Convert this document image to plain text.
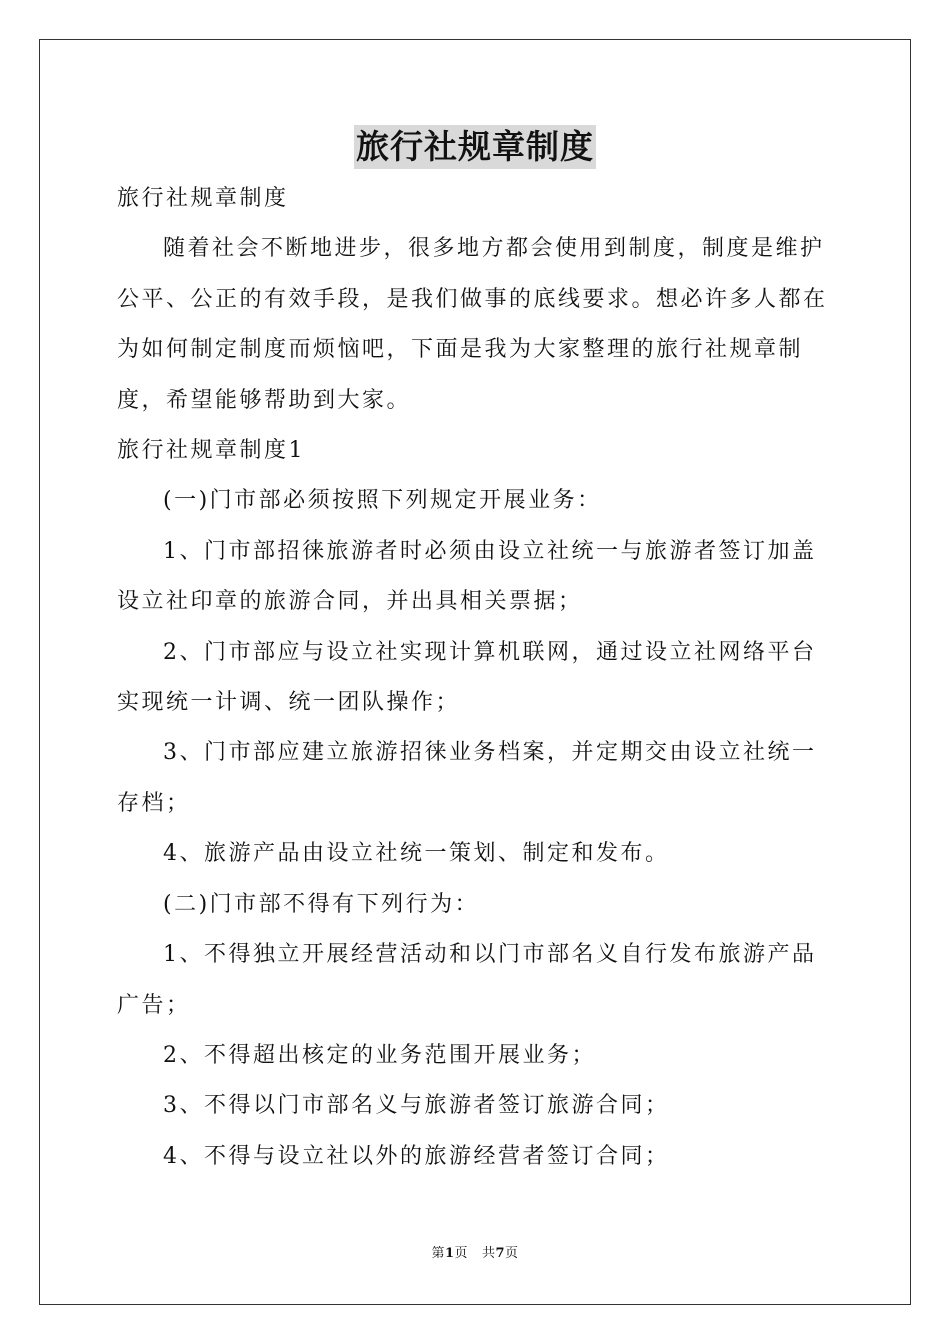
旅行社规章制度

旅行社规章制度

随着社会不断地进步，很多地方都会使用到制度，制度是维护公平、公正的有效手段，是我们做事的底线要求。想必许多人都在为如何制定制度而烦恼吧，下面是我为大家整理的旅行社规章制度，希望能够帮助到大家。

旅行社规章制度1

(一)门市部必须按照下列规定开展业务：

1、门市部招徕旅游者时必须由设立社统一与旅游者签订加盖设立社印章的旅游合同，并出具相关票据；

2、门市部应与设立社实现计算机联网，通过设立社网络平台实现统一计调、统一团队操作；

3、门市部应建立旅游招徕业务档案，并定期交由设立社统一存档；

4、旅游产品由设立社统一策划、制定和发布。

(二)门市部不得有下列行为：

1、不得独立开展经营活动和以门市部名义自行发布旅游产品广告；

2、不得超出核定的业务范围开展业务；

3、不得以门市部名义与旅游者签订旅游合同；

4、不得与设立社以外的旅游经营者签订合同；

第1页 共7页
